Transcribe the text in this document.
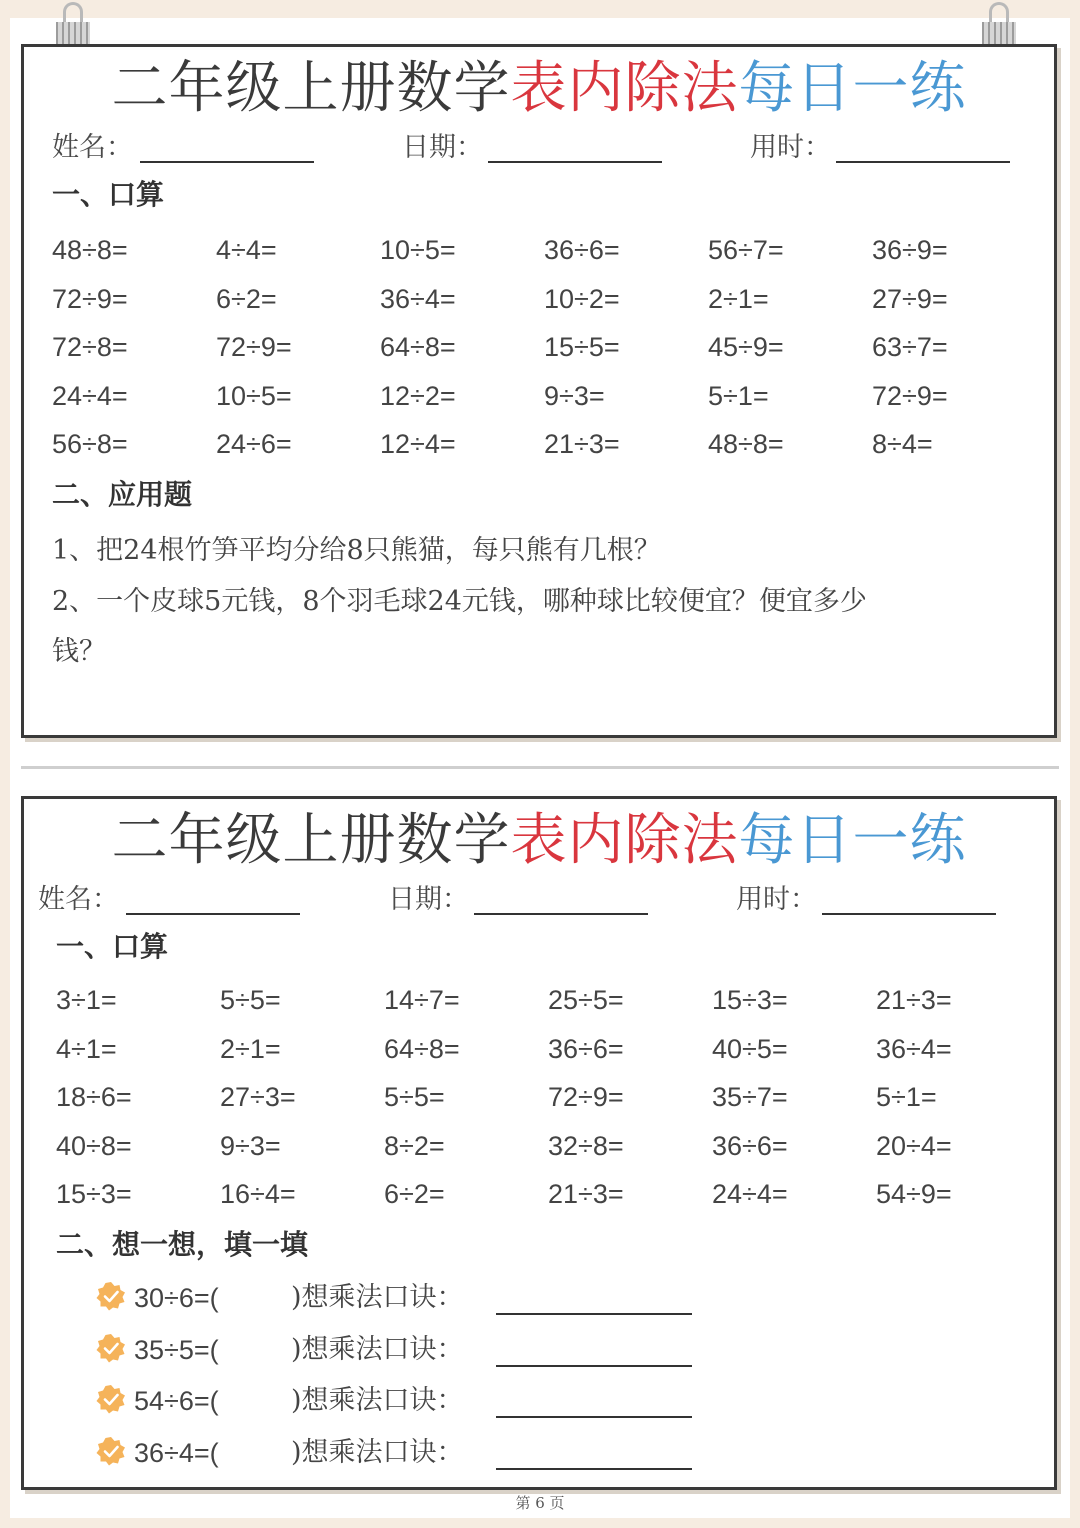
二年级上册数学表内除法每日一练
姓名：	日期：	用时：
一、口算
48÷8=	4÷4=	10÷5=	36÷6=	56÷7=	36÷9=
72÷9=	6÷2=	36÷4=	10÷2=	2÷1=	27÷9=
72÷8=	72÷9=	64÷8=	15÷5=	45÷9=	63÷7=
24÷4=	10÷5=	12÷2=	9÷3=	5÷1=	72÷9=
56÷8=	24÷6=	12÷4=	21÷3=	48÷8=	8÷4=
二、应用题
1、把24根竹笋平均分给8只熊猫，每只熊有几根？
2、一个皮球5元钱，8个羽毛球24元钱，哪种球比较便宜？便宜多少
钱？
二年级上册数学表内除法每日一练
姓名：	日期：	用时：
一、口算
3÷1=	5÷5=	14÷7=	25÷5=	15÷3=	21÷3=
4÷1=	2÷1=	64÷8=	36÷6=	40÷5=	36÷4=
18÷6=	27÷3=	5÷5=	72÷9=	35÷7=	5÷1=
40÷8=	9÷3=	8÷2=	32÷8=	36÷6=	20÷4=
15÷3=	16÷4=	6÷2=	21÷3=	24÷4=	54÷9=
二、想一想，填一填
30÷6=(	)想乘法口诀：
35÷5=(	)想乘法口诀：
54÷6=(	)想乘法口诀：
36÷4=(	)想乘法口诀：
第 6 页
